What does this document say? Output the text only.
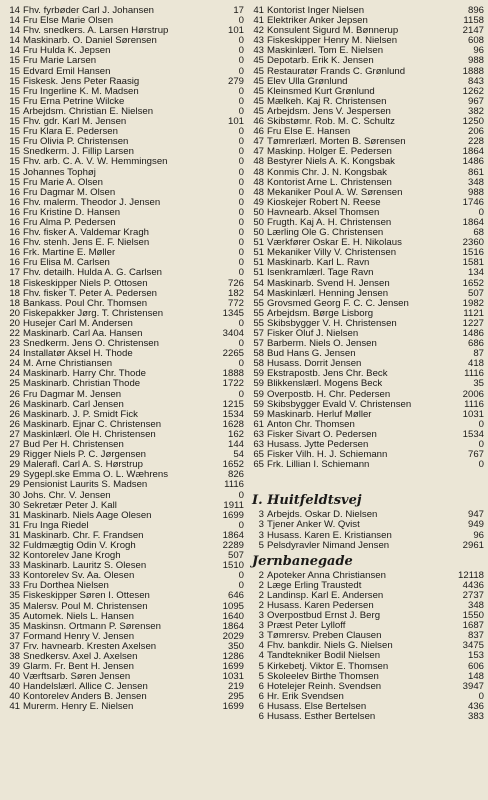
14 Fhv. fyrbøder Carl J. Johansen	17
14 Fru Else Marie Olsen	0
14 Fhv. snedkers. A. Larsen Hørstrup	101
14 Maskinarb. O. Daniel Sørensen	0
14 Fru Hulda K. Jepsen	0
15 Fru Marie Larsen	0
15 Edvard Emil Hansen	0
15 Fiskesk. Jens Peter Raasig	279
15 Fru Ingerline K. M. Madsen	0
15 Fru Erna Petrine Wilcke	0
15 Arbejdsm. Christian E. Nielsen	0
15 Fhv. gdr. Karl M. Jensen	101
15 Fru Klara E. Pedersen	0
15 Fru Olivia P. Christensen	0
15 Snedkerm. J. Fillip Larsen	0
15 Fhv. arb. C. A. V. W. Hemmingsen	0
15 Johannes Tophøj	0
15 Fru Marie A. Olsen	0
16 Fru Dagmar M. Olsen	0
16 Fhv. malerm. Theodor J. Jensen	0
16 Fru Kristine D. Hansen	0
16 Fru Alma P. Pedersen	0
16 Fhv. fisker A. Valdemar Kragh	0
16 Fhv. stenh. Jens E. F. Nielsen	0
16 Frk. Martine E. Møller	0
16 Fru Elisa M. Carlsen	0
17 Fhv. detailh. Hulda A. G. Carlsen	0
18 Fiskeskipper Niels P. Ottosen	726
18 Fhv. fisker T. Peter A. Pedersen	182
18 Bankass. Poul Chr. Thomsen	772
20 Fiskepakker Jørg. T. Christensen	1345
20 Husejer Carl M. Andersen	0
22 Maskinarb. Carl Aa. Hansen	3404
23 Snedkerm. Jens O. Christensen	0
24 Installatør Aksel H. Thode	2265
24 M. Arne Christiansen	0
24 Maskinarb. Harry Chr. Thode	1888
25 Maskinarb. Christian Thode	1722
26 Fru Dagmar M. Jensen	0
26 Maskinarb. Carl Jensen	1215
26 Maskinarb. J. P. Smidt Fick	1534
26 Maskinarb. Ejnar C. Christensen	1628
27 Maskinlærl. Ole H. Christensen	162
27 Bud Per H. Christensen	144
29 Rigger Niels P. C. Jørgensen	54
29 Malerafl. Carl A. S. Hørstrup	1652
29 Sygepl.ske Emma O. L. Wæhrens	826
29 Pensionist Laurits S. Madsen	1116
30 Johs. Chr. V. Jensen	0
30 Sekretær Peter J. Kall	1911
31 Maskinarb. Niels Aage Olesen	1699
31 Fru Inga Riedel	0
31 Maskinarb. Chr. F. Frandsen	1864
32 Fuldmægtig Odin V. Krogh	2289
32 Kontorelev Jane Krogh	507
33 Maskinarb. Lauritz S. Olesen	1510
33 Kontorelev Sv. Aa. Olesen	0
33 Fru Dorthea Nielsen	0
35 Fiskeskipper Søren I. Ottesen	646
35 Malersv. Poul M. Christensen	1095
35 Automek. Niels L. Hansen	1640
35 Maskinsn. Ortmann P. Sørensen	1864
37 Formand Henry V. Jensen	2029
37 Frv. havnearb. Kresten Axelsen	350
38 Snedkersv. Axel J. Axelsen	1286
39 Glarm. Fr. Bent H. Jensen	1699
40 Værftsarb. Søren Jensen	1031
40 Handelslærl. Allice C. Jensen	219
40 Kontorelev Anders B. Jensen	295
41 Murerm. Henry E. Nielsen	1699
41 Kontorist Inger Nielsen	896
41 Elektriker Anker Jepsen	1158
42 Konsulent Sigurd M. Bønnerup	2147
43 Fiskeskipper Henry M. Nielsen	608
43 Maskinlærl. Tom E. Nielsen	96
45 Depotarb. Erik K. Jensen	988
45 Restauratør Frands C. Grønlund	1888
45 Elev Ulla Grønlund	843
45 Kleinsmed Kurt Grønlund	1262
45 Mælkeh. Kaj R. Christensen	967
45 Arbejdsm. Jens V. Jespersen	382
46 Skibstømr. Rob. M. C. Schultz	1250
46 Fru Else E. Hansen	206
47 Tømrerlærl. Morten B. Sørensen	228
47 Maskinp. Holger E. Pedersen	1864
48 Bestyrer Niels A. K. Kongsbak	1486
48 Konmis Chr. J. N. Kongsbak	861
48 Kontorist Arne L. Christensen	348
48 Mekaniker Poul A. W. Sørensen	988
49 Kioskejer Robert N. Reese	1746
50 Havnearb. Aksel Thomsen	0
50 Frugth. Kaj A. H. Christensen	1864
50 Lærling Ole G. Christensen	68
51 Værkfører Oskar E. H. Nikolaus	2360
51 Mekaniker Villy V. Christensen	1516
51 Maskinarb. Karl L. Ravn	1581
51 Isenkramlærl. Tage Ravn	134
54 Maskinarb. Svend H. Jensen	1652
54 Maskinlærl. Henning Jensen	507
55 Grovsmed Georg F. C. C. Jensen	1982
55 Arbejdsm. Børge Lisborg	1121
55 Skibsbygger V. H. Christensen	1227
57 Fisker Oluf J. Nielsen	1486
57 Barberm. Niels O. Jensen	686
58 Bud Hans G. Jensen	87
58 Husass. Dorrit Jensen	418
59 Ekstrapostb. Jens Chr. Beck	1116
59 Blikkenslærl. Mogens Beck	35
59 Overpostb. H. Chr. Pedersen	2006
59 Skibsbygger Evald V. Christensen	1116
59 Maskinarb. Herluf Møller	1031
61 Anton Chr. Thomsen	0
63 Fisker Sivart O. Pedersen	1534
63 Husass. Jytte Pedersen	0
65 Fisker Vilh. H. J. Schiemann	767
65 Frk. Lillian I. Schiemann	0
I. Huitfeldtsvej
3 Arbejds. Oskar D. Nielsen	947
3 Tjener Anker W. Qvist	949
3 Husass. Karen E. Kristiansen	96
5 Pelsdyravler Nimand Jensen	2961
Jernbanegade
2 Apoteker Anna Christiansen	12118
2 Læge Erling Traustedt	4436
2 Landinsp. Karl E. Andersen	2737
2 Husass. Karen Pedersen	348
3 Overpostbud Ernst J. Berg	1550
3 Præst Peter Lylloff	1687
3 Tømrersv. Preben Clausen	837
4 Fhv. bankdir. Niels G. Nielsen	3475
4 Tandtekniker Bodil Nielsen	153
5 Kirkebetj. Viktor E. Thomsen	606
5 Skoleelev Birthe Thomsen	148
6 Hotelejer Reinh. Svendsen	3947
6 Hr. Erik Svendsen	0
6 Husass. Else Bertelsen	436
6 Husass. Esther Bertelsen	383
